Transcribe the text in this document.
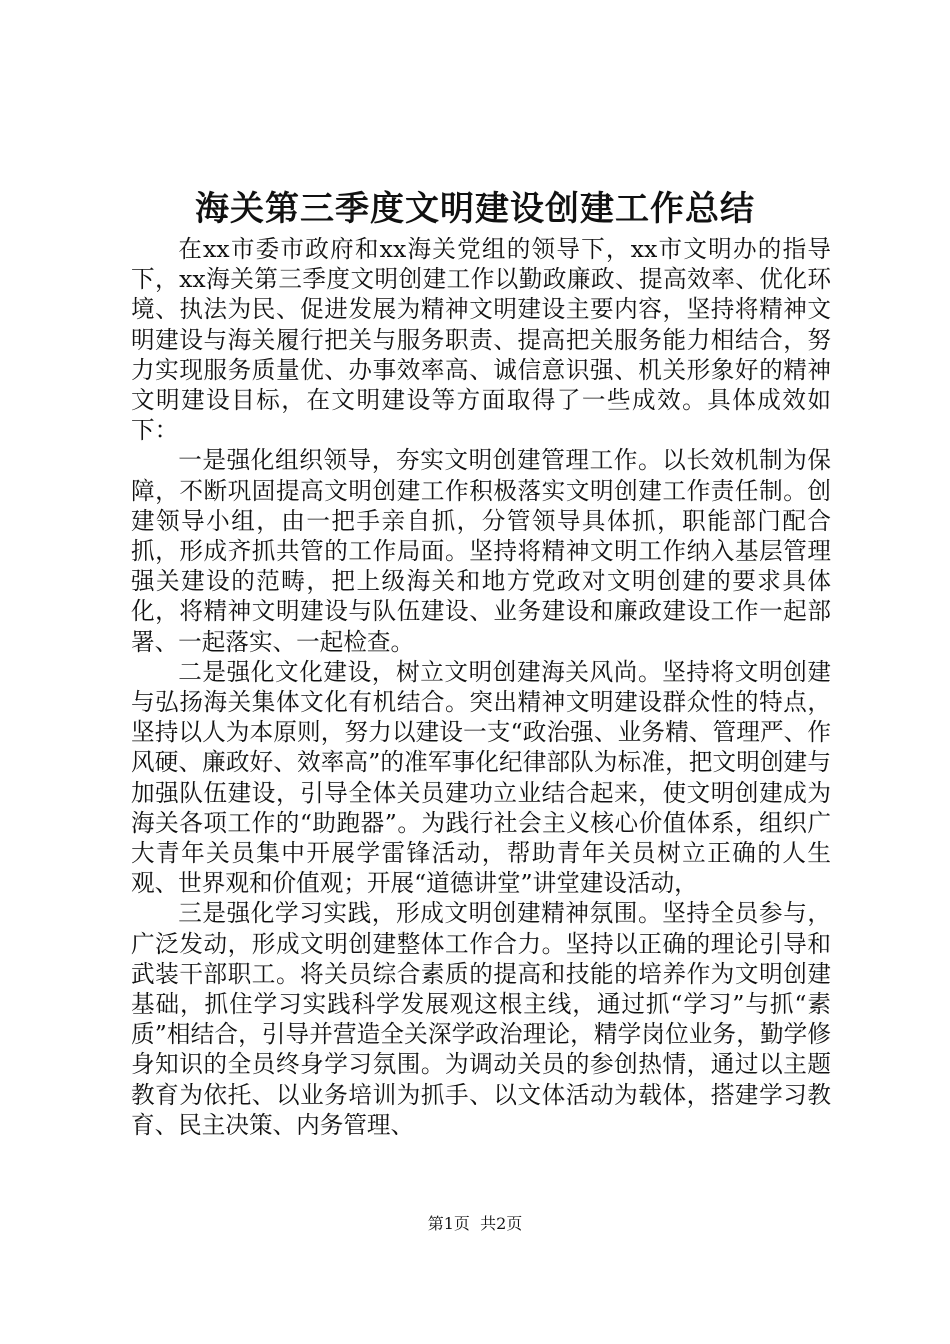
海关第三季度文明建设创建工作总结

在xx市委市政府和xx海关党组的领导下，xx市文明办的指导下，xx海关第三季度文明创建工作以勤政廉政、提高效率、优化环境、执法为民、促进发展为精神文明建设主要内容，坚持将精神文明建设与海关履行把关与服务职责、提高把关服务能力相结合，努力实现服务质量优、办事效率高、诚信意识强、机关形象好的精神文明建设目标，在文明建设等方面取得了一些成效。具体成效如下：

一是强化组织领导，夯实文明创建管理工作。以长效机制为保障，不断巩固提高文明创建工作积极落实文明创建工作责任制。创建领导小组，由一把手亲自抓，分管领导具体抓，职能部门配合抓，形成齐抓共管的工作局面。坚持将精神文明工作纳入基层管理强关建设的范畴，把上级海关和地方党政对文明创建的要求具体化，将精神文明建设与队伍建设、业务建设和廉政建设工作一起部署、一起落实、一起检查。

二是强化文化建设，树立文明创建海关风尚。坚持将文明创建与弘扬海关集体文化有机结合。突出精神文明建设群众性的特点，坚持以人为本原则，努力以建设一支“政治强、业务精、管理严、作风硬、廉政好、效率高”的准军事化纪律部队为标准，把文明创建与加强队伍建设，引导全体关员建功立业结合起来，使文明创建成为海关各项工作的“助跑器”。为践行社会主义核心价值体系，组织广大青年关员集中开展学雷锋活动，帮助青年关员树立正确的人生观、世界观和价值观；开展“道德讲堂”讲堂建设活动，

三是强化学习实践，形成文明创建精神氛围。坚持全员参与，广泛发动，形成文明创建整体工作合力。坚持以正确的理论引导和武装干部职工。将关员综合素质的提高和技能的培养作为文明创建基础，抓住学习实践科学发展观这根主线，通过抓“学习”与抓“素质”相结合，引导并营造全关深学政治理论，精学岗位业务，勤学修身知识的全员终身学习氛围。为调动关员的参创热情，通过以主题教育为依托、以业务培训为抓手、以文体活动为载体，搭建学习教育、民主决策、内务管理、

第1页 共2页
